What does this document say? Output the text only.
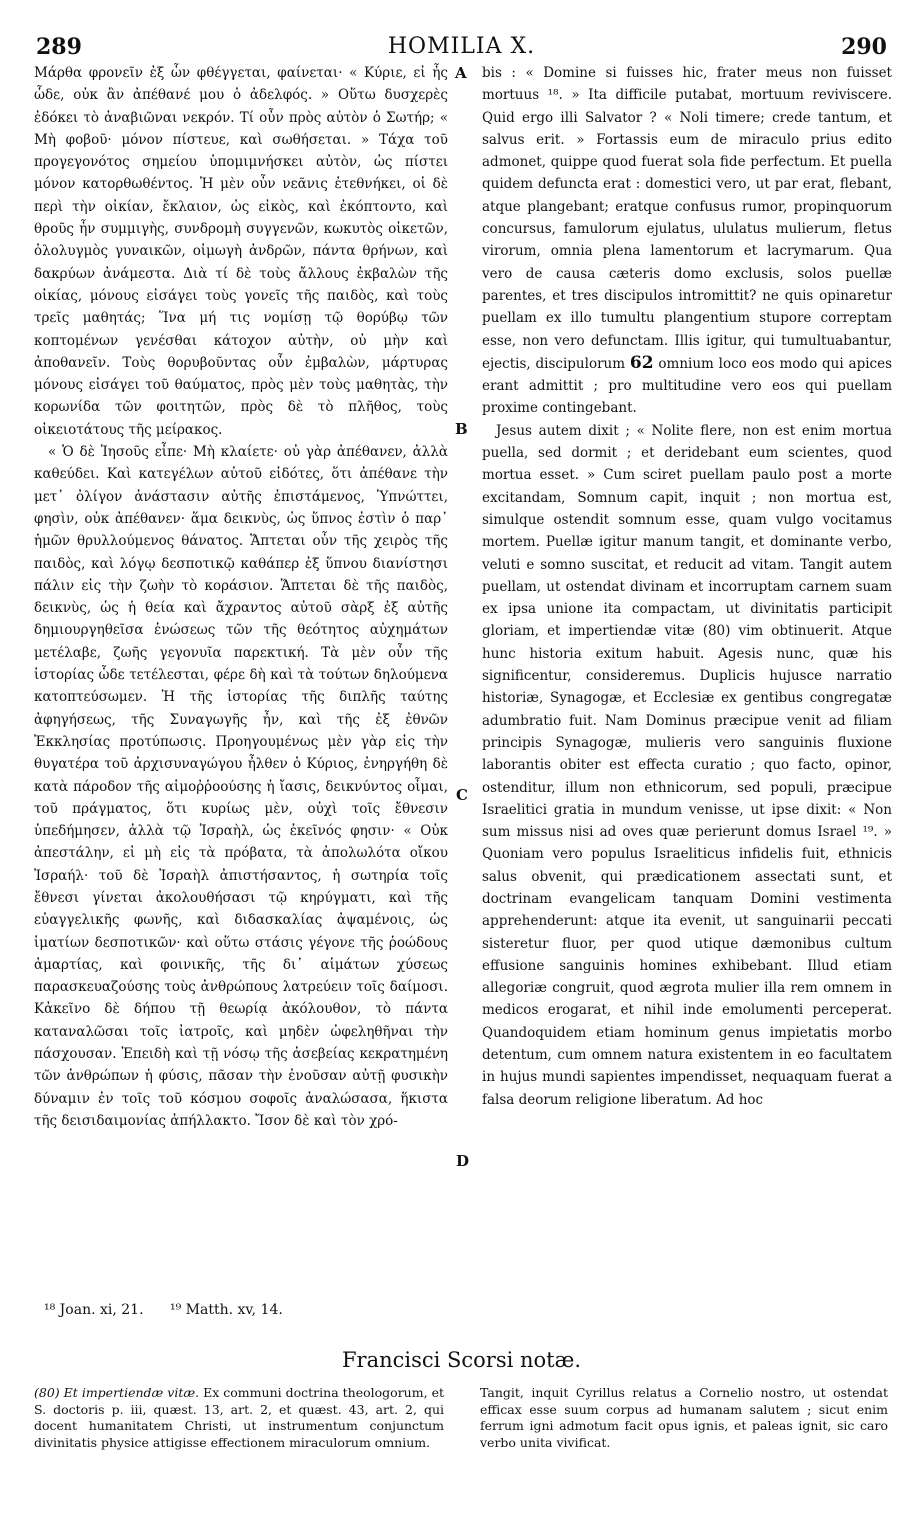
289	HOMILIA X.	290

Μάρθα φρονεῖν ἐξ ὧν φθέγγεται, φαίνεται· « Κύριε, εἰ ἦς ὧδε, οὐκ ἂν ἀπέθανέ μου ὁ ἀδελφός. » Οὕτω δυσχερὲς ἐδόκει τὸ ἀναβιῶναι νεκρόν. Τί οὖν πρὸς αὐτὸν ὁ Σωτήρ; « Μὴ φοβοῦ· μόνον πίστευε, καὶ σωθήσεται. » Τάχα τοῦ προγεγονότος σημείου ὑπομιμνήσκει αὐτὸν, ὡς πίστει μόνον κατορθωθέντος. Ἡ μὲν οὖν νεᾶνις ἐτεθνήκει, οἱ δὲ περὶ τὴν οἰκίαν, ἔκλαιον, ὡς εἰκὸς, καὶ ἐκόπτοντο, καὶ θροῦς ἦν συμμιγὴς, συνδρομὴ συγγενῶν, κωκυτὸς οἰκετῶν, ὀλολυγμὸς γυναικῶν, οἰμωγὴ ἀνδρῶν, πάντα θρήνων, καὶ δακρύων ἀνάμεστα. Διὰ τί δὲ τοὺς ἄλλους ἐκβαλὼν τῆς οἰκίας, μόνους εἰσάγει τοὺς γονεῖς τῆς παιδὸς, καὶ τοὺς τρεῖς μαθητάς; Ἵνα μή τις νομίσῃ τῷ θορύβῳ τῶν κοπτομένων γενέσθαι κάτοχον αὐτὴν, οὐ μὴν καὶ ἀποθανεῖν. Τοὺς θορυβοῦντας οὖν ἐμβαλὼν, μάρτυρας μόνους εἰσάγει τοῦ θαύματος, πρὸς μὲν τοὺς μαθητὰς, τὴν κορωνίδα τῶν φοιτητῶν, πρὸς δὲ τὸ πλῆθος, τοὺς οἰκειοτάτους τῆς μείρακος.

« Ὁ δὲ Ἰησοῦς εἶπε· Μὴ κλαίετε· οὐ γὰρ ἀπέθανεν, ἀλλὰ καθεύδει. Καὶ κατεγέλων αὐτοῦ εἰδότες, ὅτι ἀπέθανε τὴν μετ᾽ ὀλίγον ἀνάστασιν αὐτῆς ἐπιστάμενος, Ὑπνώττει, φησὶν, οὐκ ἀπέθανεν· ἅμα δεικνὺς, ὡς ὕπνος ἐστὶν ὁ παρ᾽ ἡμῶν θρυλλούμενος θάνατος. Ἅπτεται οὖν τῆς χειρὸς τῆς παιδὸς, καὶ λόγῳ δεσποτικῷ καθάπερ ἐξ ὕπνου διανίστησι πάλιν εἰς τὴν ζωὴν τὸ κοράσιον. Ἅπτεται δὲ τῆς παιδὸς, δεικνὺς, ὡς ἡ θεία καὶ ἄχραντος αὐτοῦ σὰρξ ἐξ αὐτῆς δημιουργηθεῖσα ἑνώσεως τῶν τῆς θεότητος αὐχημάτων μετέλαβε, ζωῆς γεγονυῖα παρεκτική. Τὰ μὲν οὖν τῆς ἱστορίας ὧδε τετέλεσται, φέρε δὴ καὶ τὰ τούτων δηλούμενα κατοπτεύσωμεν. Ἡ τῆς ἱστορίας τῆς διπλῆς ταύτης ἀφηγήσεως, τῆς Συναγωγῆς ἦν, καὶ τῆς ἐξ ἐθνῶν Ἐκκλησίας προτύπωσις. Προηγουμένως μὲν γὰρ εἰς τὴν θυγατέρα τοῦ ἀρχισυναγώγου ἦλθεν ὁ Κύριος, ἐνηργήθη δὲ κατὰ πάροδον τῆς αἱμοῤῥοούσης ἡ ἴασις, δεικνύντος οἶμαι, τοῦ πράγματος, ὅτι κυρίως μὲν, οὐχὶ τοῖς ἔθνεσιν ὑπεδήμησεν, ἀλλὰ τῷ Ἰσραὴλ, ὡς ἐκεῖνός φησιν· « Οὐκ ἀπεστάλην, εἰ μὴ εἰς τὰ πρόβατα, τὰ ἀπολωλότα οἴκου Ἰσραήλ· τοῦ δὲ Ἰσραὴλ ἀπιστήσαντος, ἡ σωτηρία τοῖς ἔθνεσι γίνεται ἀκολουθήσασι τῷ κηρύγματι, καὶ τῆς εὐαγγελικῆς φωνῆς, καὶ διδασκαλίας ἀψαμένοις, ὡς ἱματίων δεσποτικῶν· καὶ οὕτω στάσις γέγονε τῆς ῥοώδους ἁμαρτίας, καὶ φοινικῆς, τῆς δι᾽ αἱμάτων χύσεως παρασκευαζούσης τοὺς ἀνθρώπους λατρεύειν τοῖς δαίμοσι. Κἀκεῖνο δὲ δήπου τῇ θεωρίᾳ ἀκόλουθον, τὸ πάντα καταναλῶσαι τοῖς ἰατροῖς, καὶ μηδὲν ὠφεληθῆναι τὴν πάσχουσαν. Ἐπειδὴ καὶ τῇ νόσῳ τῆς ἀσεβείας κεκρατημένη τῶν ἀνθρώπων ἡ φύσις, πᾶσαν τὴν ἐνοῦσαν αὐτῇ φυσικὴν δύναμιν ἐν τοῖς τοῦ κόσμου σοφοῖς ἀναλώσασα, ἥκιστα τῆς δεισιδαιμονίας ἀπήλλακτο. Ἴσον δὲ καὶ τὸν χρό-

A
B
C
D

bis : « Domine si fuisses hic, frater meus non fuisset mortuus ¹⁸. » Ita difficile putabat, mortuum reviviscere. Quid ergo illi Salvator ? « Noli timere; crede tantum, et salvus erit. » Fortassis eum de miraculo prius edito admonet, quippe quod fuerat sola fide perfectum. Et puella quidem defuncta erat : domestici vero, ut par erat, flebant, atque plangebant; eratque confusus rumor, propinquorum concursus, famulorum ejulatus, ululatus mulierum, fletus virorum, omnia plena lamentorum et lacrymarum. Qua vero de causa cæteris domo exclusis, solos puellæ parentes, et tres discipulos intromittit? ne quis opinaretur puellam ex illo tumultu plangentium stupore correptam esse, non vero defunctam. Illis igitur, qui tumultuabantur, ejectis, discipulorum 62 omnium loco eos modo qui apices erant admittit ; pro multitudine vero eos qui puellam proxime contingebant.

Jesus autem dixit ; « Nolite flere, non est enim mortua puella, sed dormit ; et deridebant eum scientes, quod mortua esset. » Cum sciret puellam paulo post a morte excitandam, Somnum capit, inquit ; non mortua est, simulque ostendit somnum esse, quam vulgo vocitamus mortem. Puellæ igitur manum tangit, et dominante verbo, veluti e somno suscitat, et reducit ad vitam. Tangit autem puellam, ut ostendat divinam et incorruptam carnem suam ex ipsa unione ita compactam, ut divinitatis participit gloriam, et impertiendæ vitæ (80) vim obtinuerit. Atque hunc historia exitum habuit. Agesis nunc, quæ his significentur, consideremus. Duplicis hujusce narratio historiæ, Synagogæ, et Ecclesiæ ex gentibus congregatæ adumbratio fuit. Nam Dominus præcipue venit ad filiam principis Synagogæ, mulieris vero sanguinis fluxione laborantis obiter est effecta curatio ; quo facto, opinor, ostenditur, illum non ethnicorum, sed populi, præcipue Israelitici gratia in mundum venisse, ut ipse dixit: « Non sum missus nisi ad oves quæ perierunt domus Israel ¹⁹. » Quoniam vero populus Israeliticus infidelis fuit, ethnicis salus obvenit, qui prædicationem assectati sunt, et doctrinam evangelicam tanquam Domini vestimenta apprehenderunt: atque ita evenit, ut sanguinarii peccati sisteretur fluor, per quod utique dæmonibus cultum effusione sanguinis homines exhibebant. Illud etiam allegoriæ congruit, quod ægrota mulier illa rem omnem in medicos erogarat, et nihil inde emolumenti perceperat. Quandoquidem etiam hominum genus impietatis morbo detentum, cum omnem natura existentem in eo facultatem in hujus mundi sapientes impendisset, nequaquam fuerat a falsa deorum religione liberatum. Ad hoc

¹⁸ Joan. xi, 21. ¹⁹ Matth. xv, 14.
Francisci Scorsi notæ.
(80) Et impertiendæ vitæ. Ex communi doctrina theologorum, et S. doctoris p. iii, quæst. 13, art. 2, et quæst. 43, art. 2, qui docent humanitatem Christi, ut instrumentum conjunctum divinitatis physice attigisse effectionem miraculorum omnium.
Tangit, inquit Cyrillus relatus a Cornelio nostro, ut ostendat efficax esse suum corpus ad humanam salutem ; sicut enim ferrum igni admotum facit opus ignis, et paleas ignit, sic caro verbo unita vivificat.
